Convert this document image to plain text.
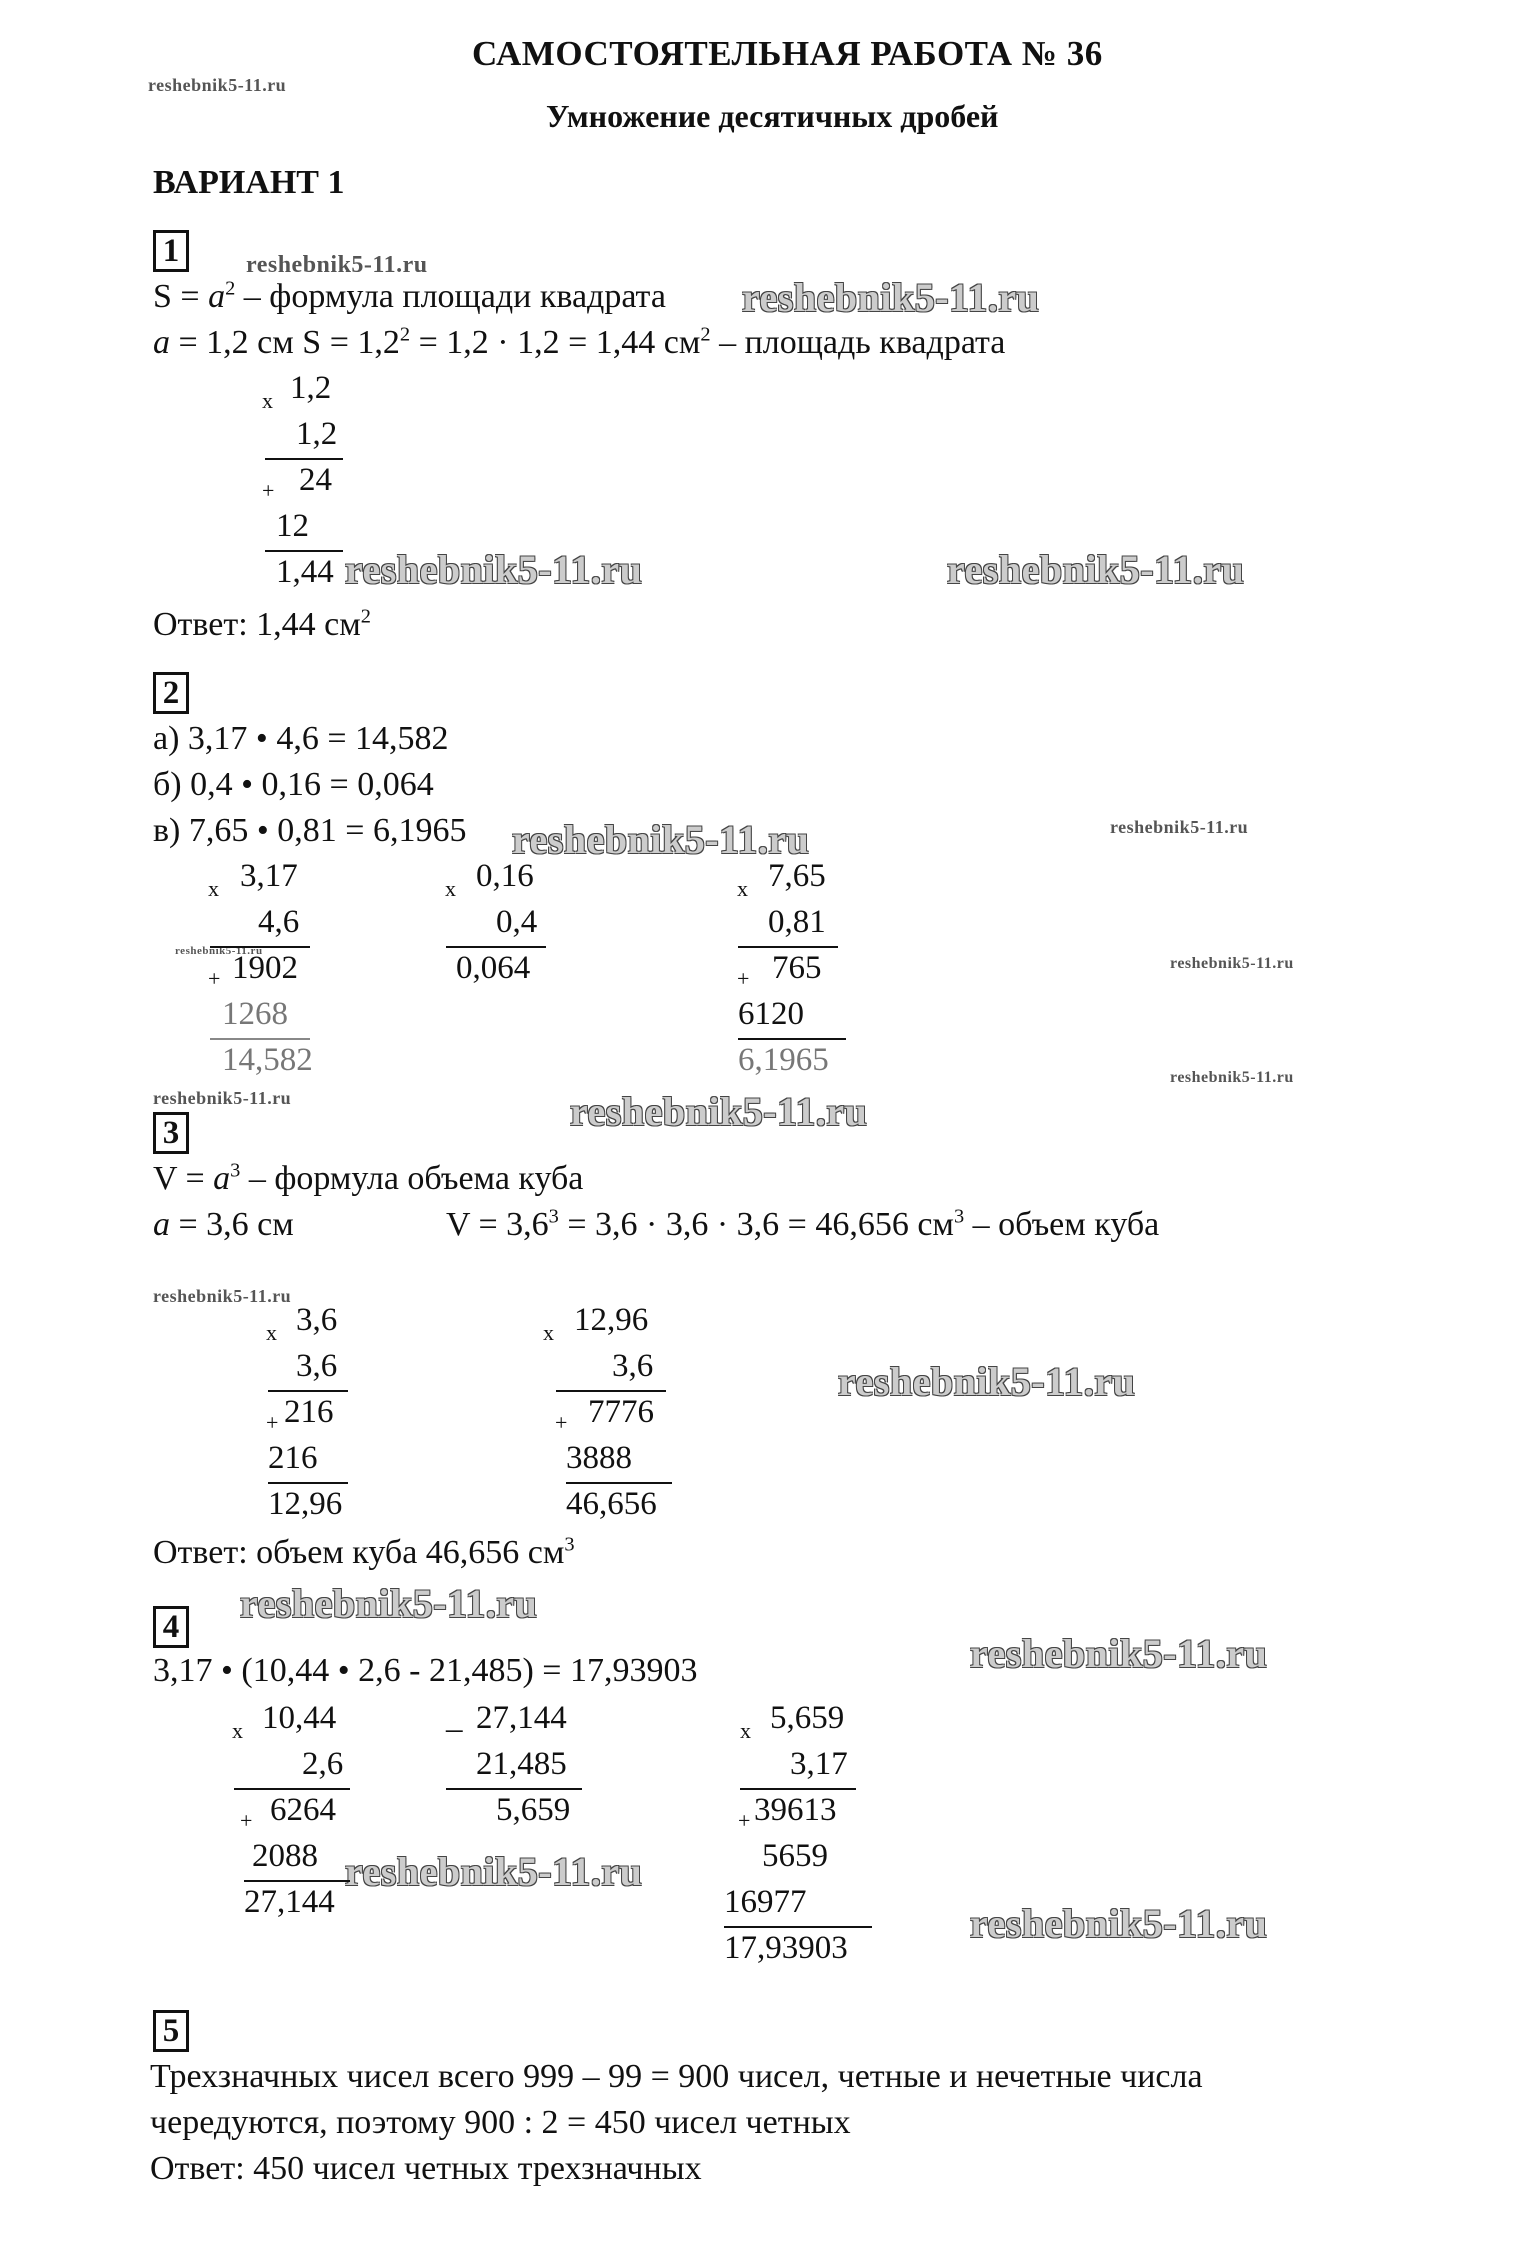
САМОСТОЯТЕЛЬНАЯ РАБОТА № 36
Умножение десятичных дробей
ВАРИАНТ 1
reshebnik5-11.ru
reshebnik5-11.ru
reshebnik5-11.ru
reshebnik5-11.ru	reshebnik5-11.ru
reshebnik5-11.ru	reshebnik5-11.ru
reshebnik5-11.ru
reshebnik5-11.ru
reshebnik5-11.ru
reshebnik5-11.ru
reshebnik5-11.ru
reshebnik5-11.ru
reshebnik5-11.ru
reshebnik5-11.ru
reshebnik5-11.ru
reshebnik5-11.ru
reshebnik5-11.ru
1
$S = a^2$ – формула площади квадрата
a = 1,2 см $S = 1,2^2 = 1,2 \cdot 1,2 = 1,44$ $см^2$ – площадь квадрата
x 1,2
1,2
+ 24
12
1,44
Ответ: 1,44 $см^2$
2
а) 3,17 • 4,6 = 14,582
б) 0,4 • 0,16 = 0,064
в) 7,65 • 0,81 = 6,1965
x 3,17
4,6
+ 1902
1268
14,582
x 0,16
0,4
0,064
x 7,65
0,81
+ 765
6120
6,1965
3
$V = a^3$ – формула объема куба
a = 3,6 см	$V = 3,6^3 = 3,6 \cdot 3,6 \cdot 3,6 = 46,656$ $см^3$ – объем куба
x 3,6
3,6
+ 216
216
12,96
x 12,96
3,6
+ 7776
3888
46,656
Ответ: объем куба 46,656 $см^3$
4
3,17 • (10,44 • 2,6 - 21,485) = 17,93903
x 10,44
2,6
+ 6264
2088
27,144
_ 27,144
21,485
5,659
x 5,659
3,17
+ 39613
5659
16977
17,93903
5
Трехзначных чисел всего 999 – 99 = 900 чисел, четные и нечетные числа
чередуются, поэтому 900 : 2 = 450 чисел четных
Ответ: 450 чисел четных трехзначных
